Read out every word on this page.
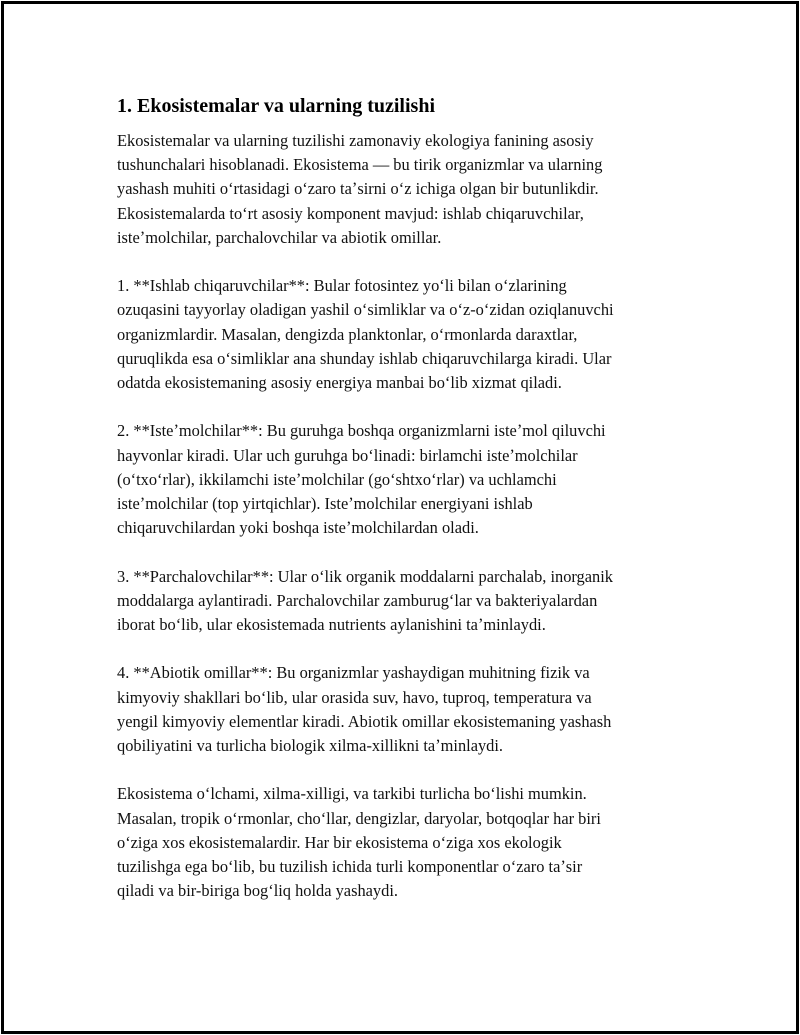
1. Ekosistemalar va ularning tuzilishi

Ekosistemalar va ularning tuzilishi zamonaviy ekologiya fanining asosiy
tushunchalari hisoblanadi. Ekosistema — bu tirik organizmlar va ularning
yashash muhiti oʻrtasidagi oʻzaro taʼsirni oʻz ichiga olgan bir butunlikdir.
Ekosistemalarda toʻrt asosiy komponent mavjud: ishlab chiqaruvchilar,
isteʼmolchilar, parchalovchilar va abiotik omillar.

1. **Ishlab chiqaruvchilar**: Bular fotosintez yoʻli bilan oʻzlarining
ozuqasini tayyorlay oladigan yashil oʻsimliklar va oʻz-oʻzidan oziqlanuvchi
organizmlardir. Masalan, dengizda planktonlar, oʻrmonlarda daraxtlar,
quruqlikda esa oʻsimliklar ana shunday ishlab chiqaruvchilarga kiradi. Ular
odatda ekosistemaning asosiy energiya manbai boʻlib xizmat qiladi.

2. **Isteʼmolchilar**: Bu guruhga boshqa organizmlarni isteʼmol qiluvchi
hayvonlar kiradi. Ular uch guruhga boʻlinadi: birlamchi isteʼmolchilar
(oʻtxoʻrlar), ikkilamchi isteʼmolchilar (goʻshtxoʻrlar) va uchlamchi
isteʼmolchilar (top yirtqichlar). Isteʼmolchilar energiyani ishlab
chiqaruvchilardan yoki boshqa isteʼmolchilardan oladi.

3. **Parchalovchilar**: Ular oʻlik organik moddalarni parchalab, inorganik
moddalarga aylantiradi. Parchalovchilar zamburugʻlar va bakteriyalardan
iborat boʻlib, ular ekosistemada nutrients aylanishini taʼminlaydi.

4. **Abiotik omillar**: Bu organizmlar yashaydigan muhitning fizik va
kimyoviy shakllari boʻlib, ular orasida suv, havo, tuproq, temperatura va
yengil kimyoviy elementlar kiradi. Abiotik omillar ekosistemaning yashash
qobiliyatini va turlicha biologik xilma-xillikni taʼminlaydi.

Ekosistema oʻlchami, xilma-xilligi, va tarkibi turlicha boʻlishi mumkin.
Masalan, tropik oʻrmonlar, choʻllar, dengizlar, daryolar, botqoqlar har biri
oʻziga xos ekosistemalardir. Har bir ekosistema oʻziga xos ekologik
tuzilishga ega boʻlib, bu tuzilish ichida turli komponentlar oʻzaro taʼsir
qiladi va bir-biriga bogʻliq holda yashaydi.
